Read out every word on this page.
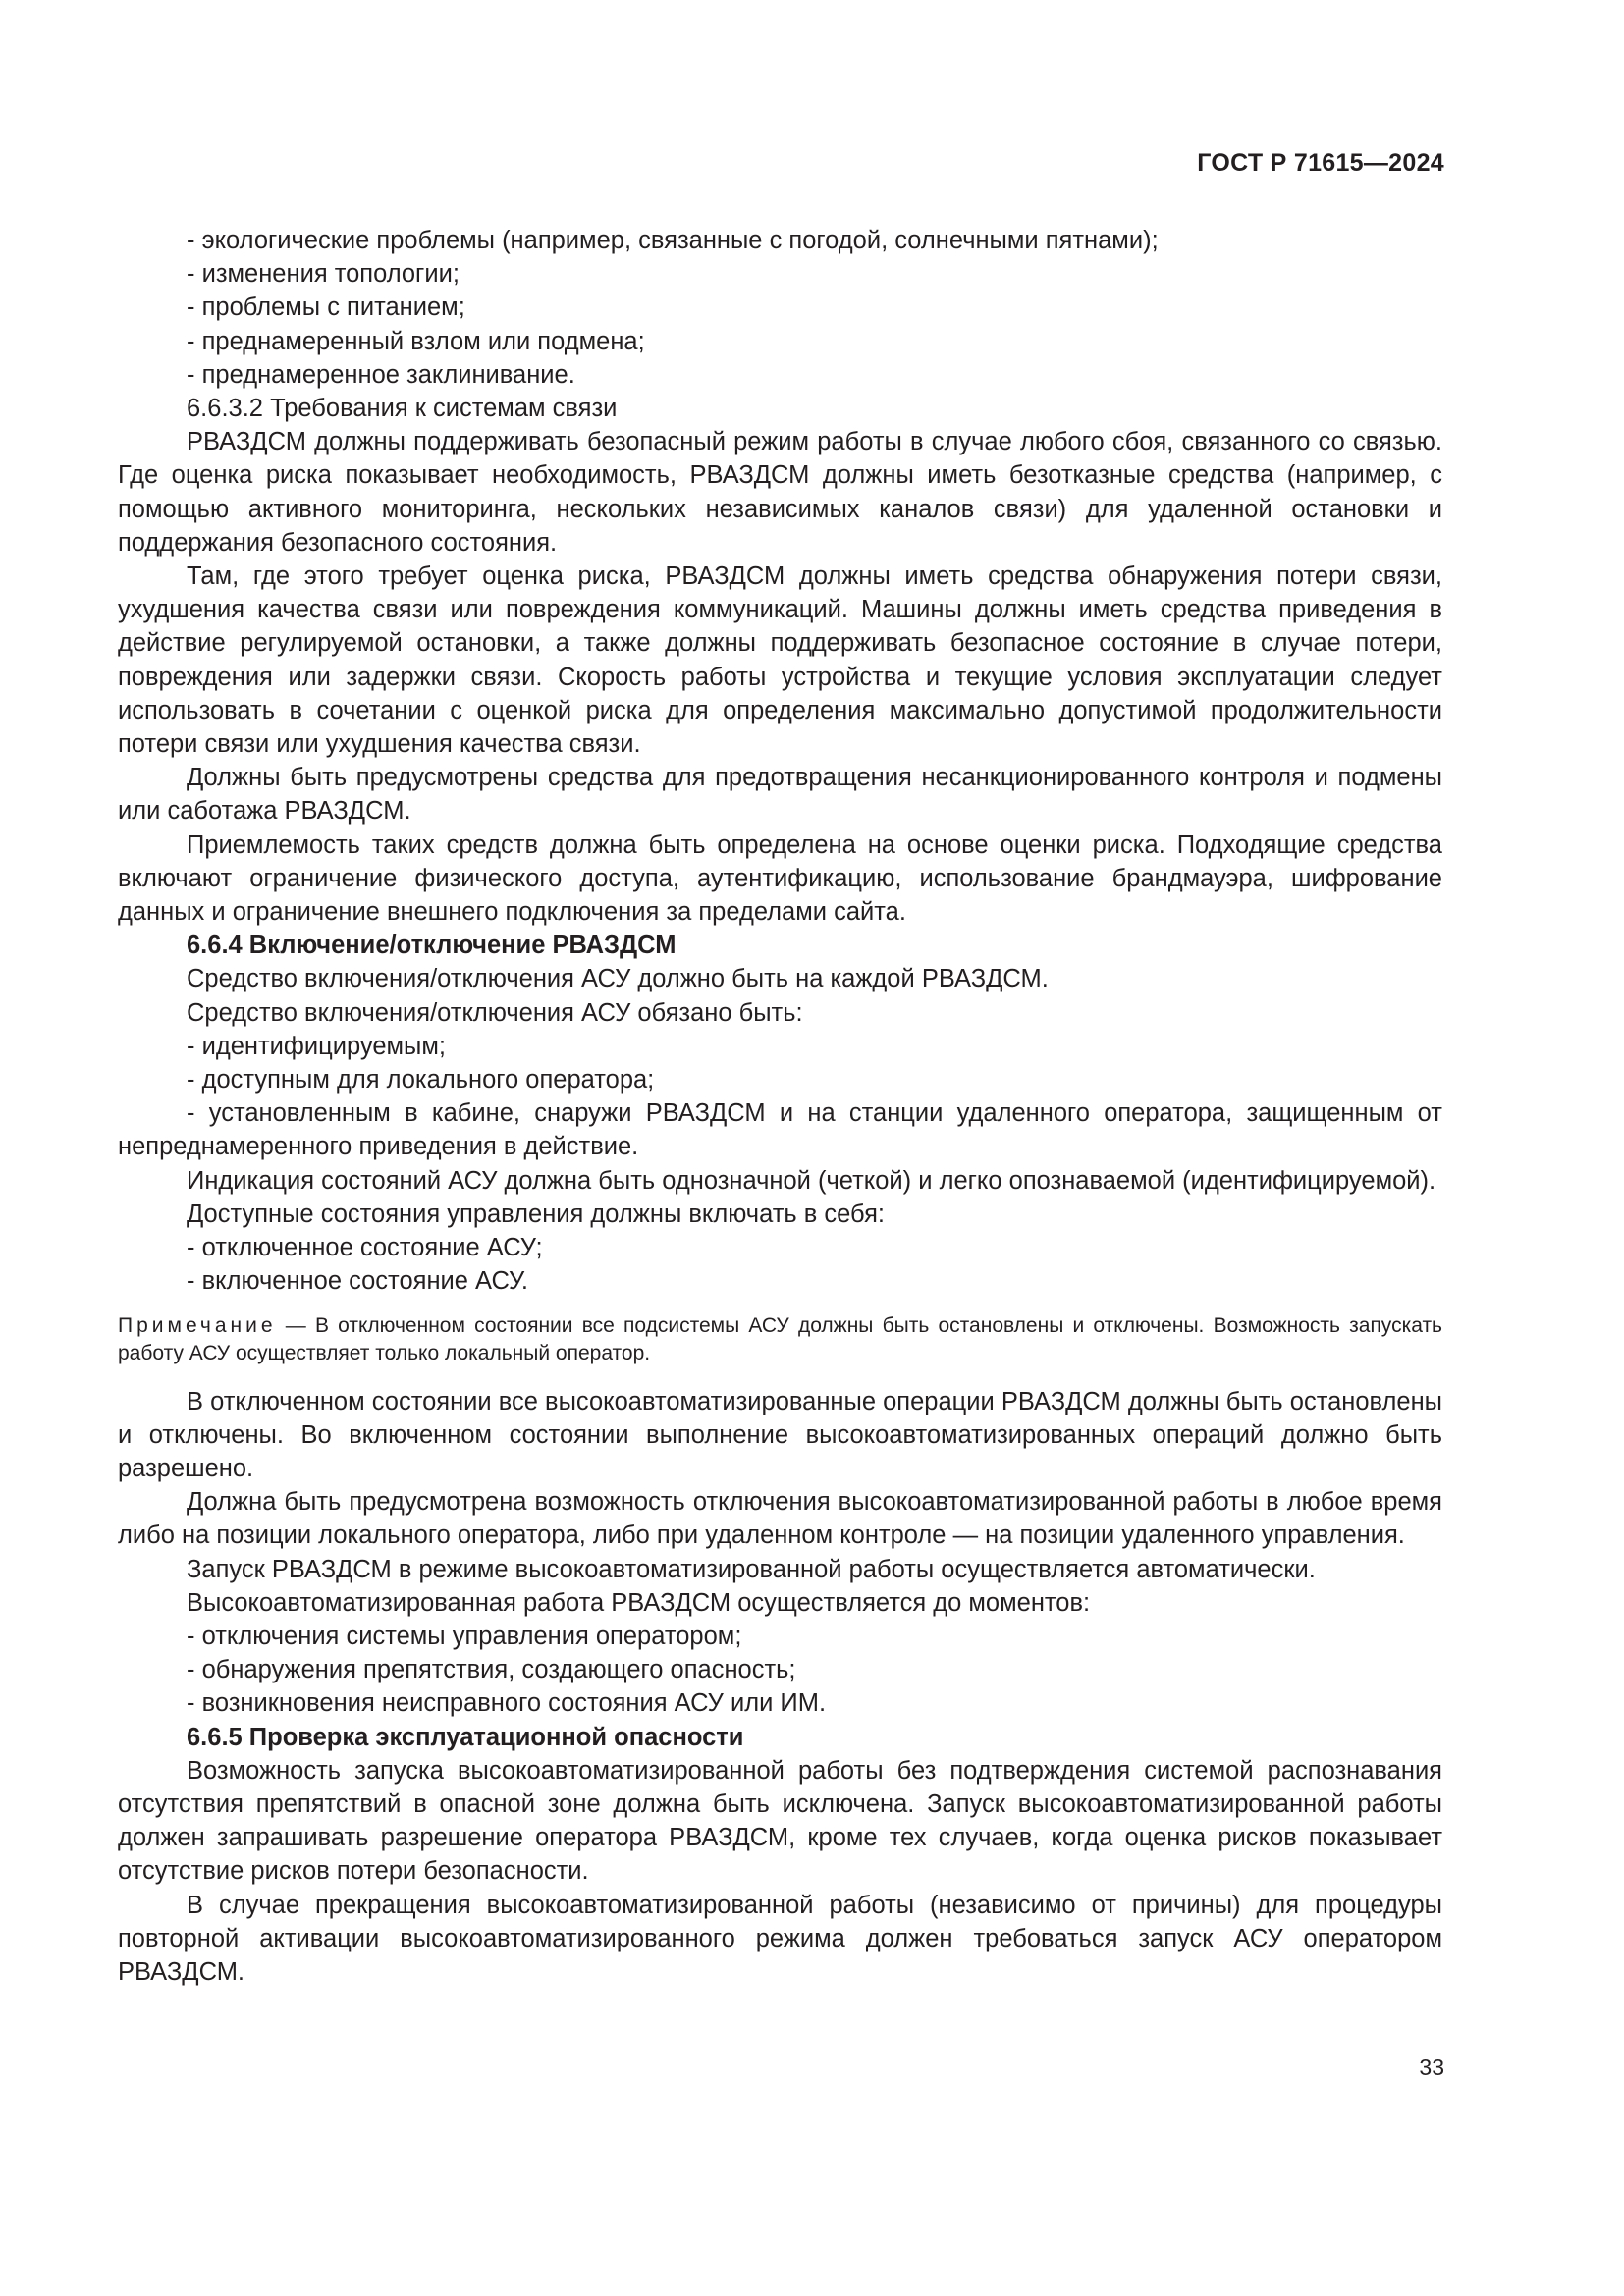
ГОСТ Р 71615—2024
- экологические проблемы (например, связанные с погодой, солнечными пятнами);
- изменения топологии;
- проблемы с питанием;
- преднамеренный взлом или подмена;
- преднамеренное заклинивание.
6.6.3.2 Требования к системам связи
РВАЗДСМ должны поддерживать безопасный режим работы в случае любого сбоя, связанного со связью. Где оценка риска показывает необходимость, РВАЗДСМ должны иметь безотказные средства (например, с помощью активного мониторинга, нескольких независимых каналов связи) для удаленной остановки и поддержания безопасного состояния.
Там, где этого требует оценка риска, РВАЗДСМ должны иметь средства обнаружения потери связи, ухудшения качества связи или повреждения коммуникаций. Машины должны иметь средства приведения в действие регулируемой остановки, а также должны поддерживать безопасное состояние в случае потери, повреждения или задержки связи. Скорость работы устройства и текущие условия эксплуатации следует использовать в сочетании с оценкой риска для определения максимально допустимой продолжительности потери связи или ухудшения качества связи.
Должны быть предусмотрены средства для предотвращения несанкционированного контроля и подмены или саботажа РВАЗДСМ.
Приемлемость таких средств должна быть определена на основе оценки риска. Подходящие средства включают ограничение физического доступа, аутентификацию, использование брандмауэра, шифрование данных и ограничение внешнего подключения за пределами сайта.
6.6.4 Включение/отключение РВАЗДСМ
Средство включения/отключения АСУ должно быть на каждой РВАЗДСМ.
Средство включения/отключения АСУ обязано быть:
- идентифицируемым;
- доступным для локального оператора;
- установленным в кабине, снаружи РВАЗДСМ и на станции удаленного оператора, защищенным от непреднамеренного приведения в действие.
Индикация состояний АСУ должна быть однозначной (четкой) и легко опознаваемой (идентифицируемой).
Доступные состояния управления должны включать в себя:
- отключенное состояние АСУ;
- включенное состояние АСУ.
Примечание — В отключенном состоянии все подсистемы АСУ должны быть остановлены и отключены. Возможность запускать работу АСУ осуществляет только локальный оператор.
В отключенном состоянии все высокоавтоматизированные операции РВАЗДСМ должны быть остановлены и отключены. Во включенном состоянии выполнение высокоавтоматизированных операций должно быть разрешено.
Должна быть предусмотрена возможность отключения высокоавтоматизированной работы в любое время либо на позиции локального оператора, либо при удаленном контроле — на позиции удаленного управления.
Запуск РВАЗДСМ в режиме высокоавтоматизированной работы осуществляется автоматически.
Высокоавтоматизированная работа РВАЗДСМ осуществляется до моментов:
- отключения системы управления оператором;
- обнаружения препятствия, создающего опасность;
- возникновения неисправного состояния АСУ или ИМ.
6.6.5 Проверка эксплуатационной опасности
Возможность запуска высокоавтоматизированной работы без подтверждения системой распознавания отсутствия препятствий в опасной зоне должна быть исключена. Запуск высокоавтоматизированной работы должен запрашивать разрешение оператора РВАЗДСМ, кроме тех случаев, когда оценка рисков показывает отсутствие рисков потери безопасности.
В случае прекращения высокоавтоматизированной работы (независимо от причины) для процедуры повторной активации высокоавтоматизированного режима должен требоваться запуск АСУ оператором РВАЗДСМ.
33
